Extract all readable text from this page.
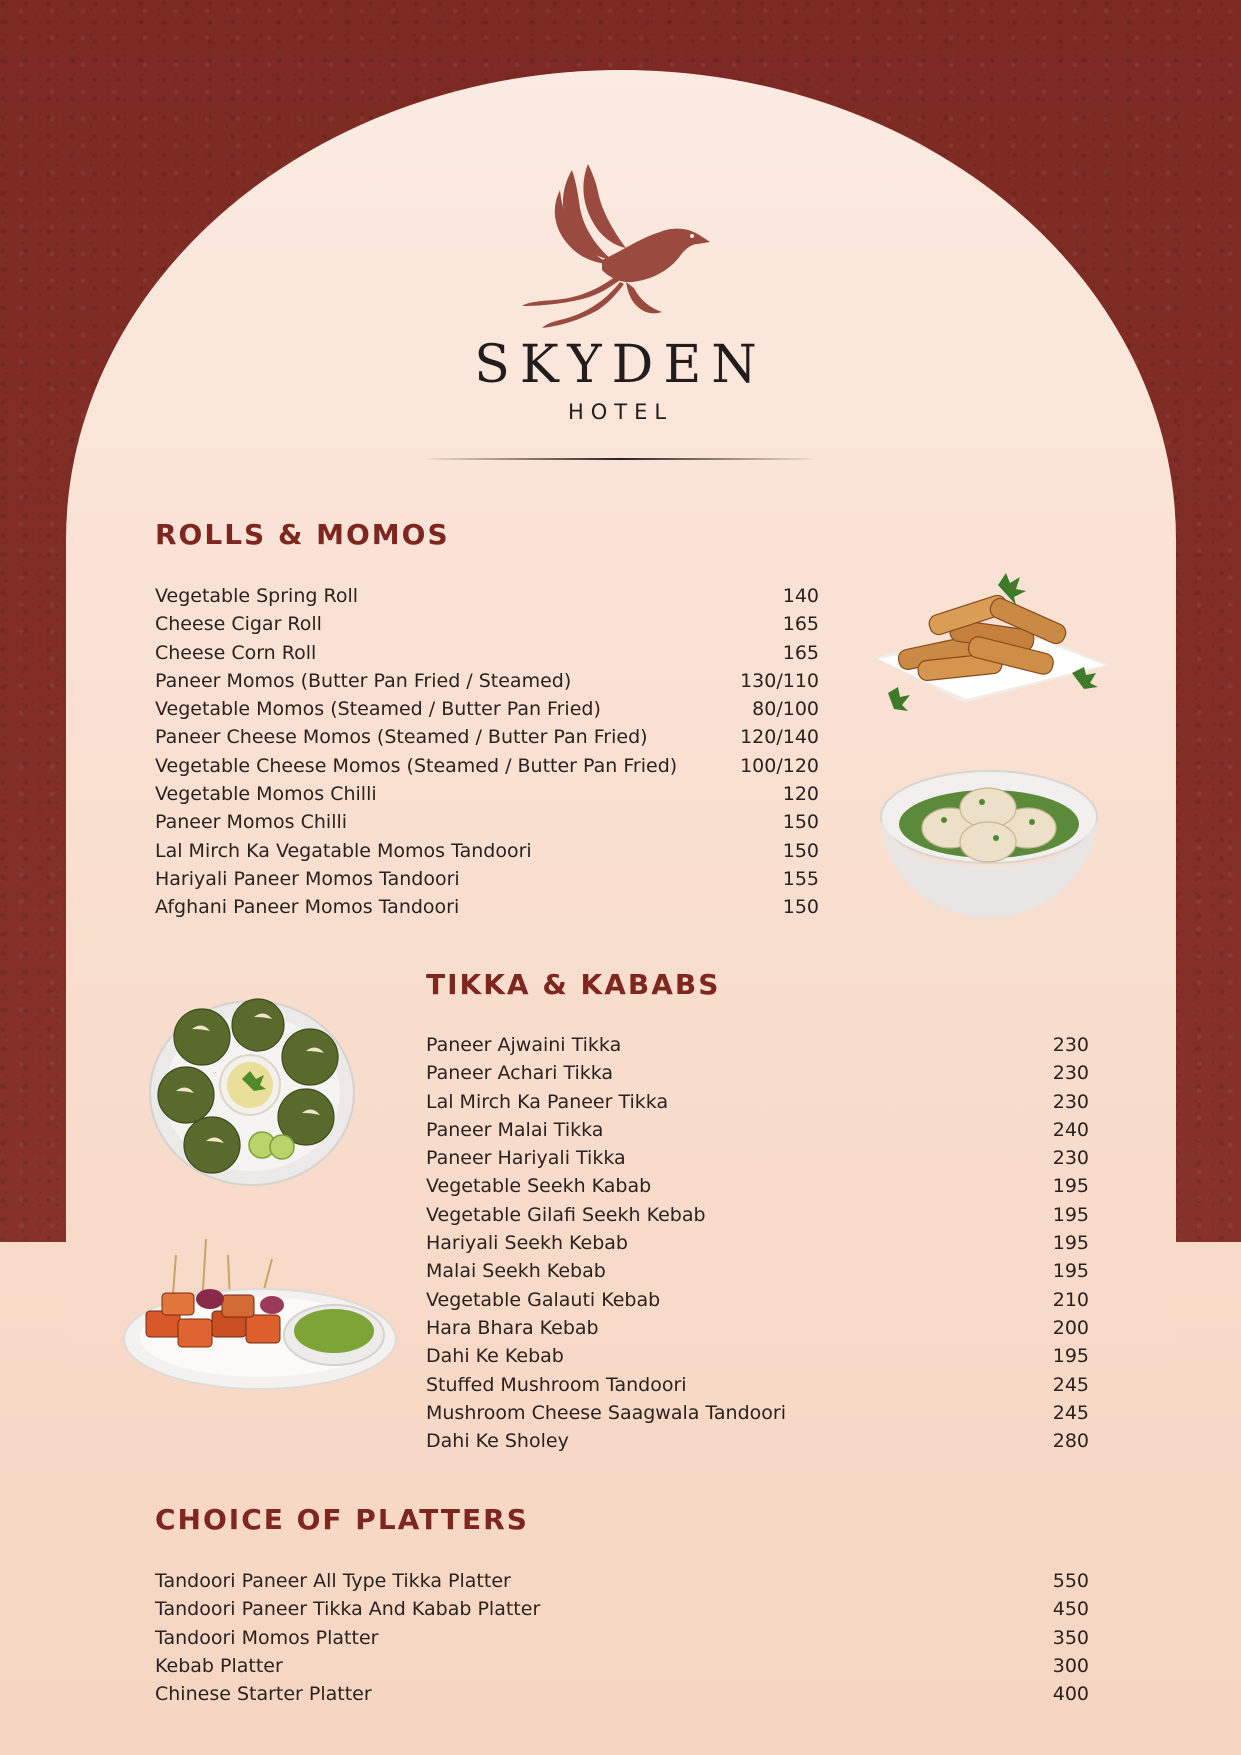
SKYDEN
HOTEL
ROLLS & MOMOS
Vegetable Spring Roll	140
Cheese Cigar Roll	165
Cheese Corn Roll	165
Paneer Momos (Butter Pan Fried / Steamed)	130/110
Vegetable Momos (Steamed / Butter Pan Fried)	80/100
Paneer Cheese Momos (Steamed / Butter Pan Fried)	120/140
Vegetable Cheese Momos (Steamed / Butter Pan Fried)	100/120
Vegetable Momos Chilli	120
Paneer Momos Chilli	150
Lal Mirch Ka Vegatable Momos Tandoori	150
Hariyali Paneer Momos Tandoori	155
Afghani Paneer Momos Tandoori	150
TIKKA & KABABS
Paneer Ajwaini Tikka	230
Paneer Achari Tikka	230
Lal Mirch Ka Paneer Tikka	230
Paneer Malai Tikka	240
Paneer Hariyali Tikka	230
Vegetable Seekh Kabab	195
Vegetable Gilafi Seekh Kebab	195
Hariyali Seekh Kebab	195
Malai Seekh Kebab	195
Vegetable Galauti Kebab	210
Hara Bhara Kebab	200
Dahi Ke Kebab	195
Stuffed Mushroom Tandoori	245
Mushroom Cheese Saagwala Tandoori	245
Dahi Ke Sholey	280
CHOICE OF PLATTERS
Tandoori Paneer All Type Tikka Platter	550
Tandoori Paneer Tikka And Kabab Platter	450
Tandoori Momos Platter	350
Kebab Platter	300
Chinese Starter Platter	400
